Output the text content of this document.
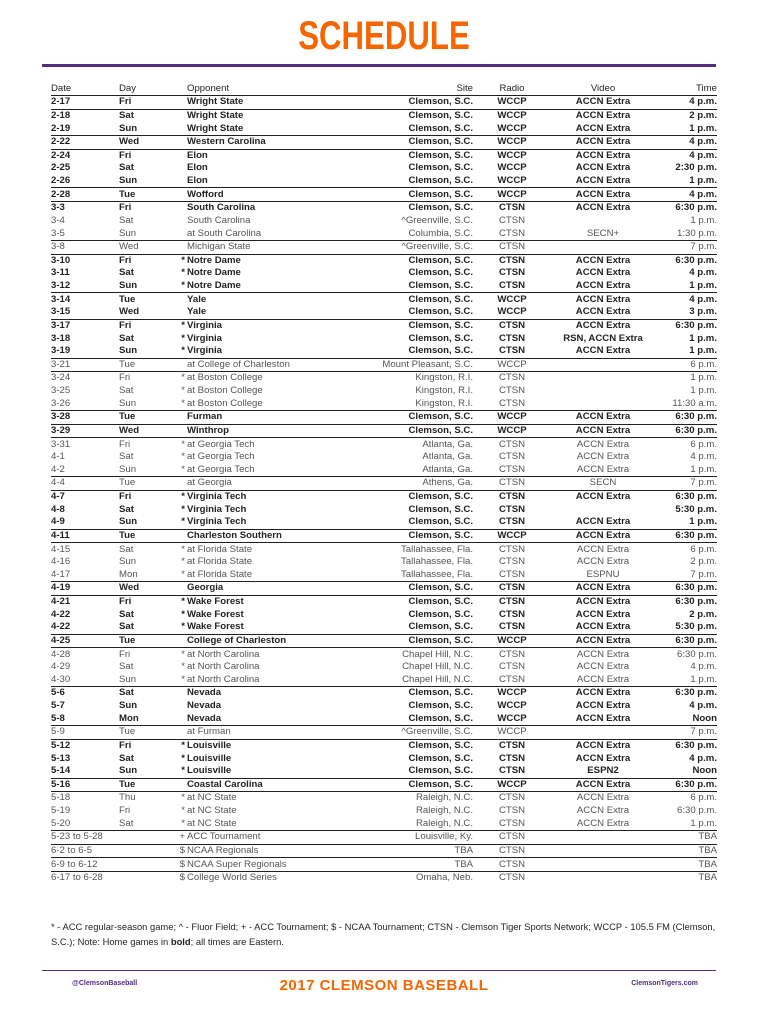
SCHEDULE
Date	Day		Opponent	Site	Radio	Video	Time
2-17	Fri		Wright State	Clemson, S.C.	WCCP	ACCN Extra	4 p.m.
2-18	Sat		Wright State	Clemson, S.C.	WCCP	ACCN Extra	2 p.m.
2-19	Sun		Wright State	Clemson, S.C.	WCCP	ACCN Extra	1 p.m.
2-22	Wed		Western Carolina	Clemson, S.C.	WCCP	ACCN Extra	4 p.m.
2-24	Fri		Elon	Clemson, S.C.	WCCP	ACCN Extra	4 p.m.
2-25	Sat		Elon	Clemson, S.C.	WCCP	ACCN Extra	2:30 p.m.
2-26	Sun		Elon	Clemson, S.C.	WCCP	ACCN Extra	1 p.m.
2-28	Tue		Wofford	Clemson, S.C.	WCCP	ACCN Extra	4 p.m.
3-3	Fri		South Carolina	Clemson, S.C.	CTSN	ACCN Extra	6:30 p.m.
3-4	Sat		South Carolina	^Greenville, S.C.	CTSN		1 p.m.
3-5	Sun		at South Carolina	Columbia, S.C.	CTSN	SECN+	1:30 p.m.
3-8	Wed		Michigan State	^Greenville, S.C.	CTSN		7 p.m.
3-10	Fri	*	Notre Dame	Clemson, S.C.	CTSN	ACCN Extra	6:30 p.m.
3-11	Sat	*	Notre Dame	Clemson, S.C.	CTSN	ACCN Extra	4 p.m.
3-12	Sun	*	Notre Dame	Clemson, S.C.	CTSN	ACCN Extra	1 p.m.
3-14	Tue		Yale	Clemson, S.C.	WCCP	ACCN Extra	4 p.m.
3-15	Wed		Yale	Clemson, S.C.	WCCP	ACCN Extra	3 p.m.
3-17	Fri	*	Virginia	Clemson, S.C.	CTSN	ACCN Extra	6:30 p.m.
3-18	Sat	*	Virginia	Clemson, S.C.	CTSN	RSN, ACCN Extra	1 p.m.
3-19	Sun	*	Virginia	Clemson, S.C.	CTSN	ACCN Extra	1 p.m.
3-21	Tue		at College of Charleston	Mount Pleasant, S.C.	WCCP		6 p.m.
3-24	Fri	*	at Boston College	Kingston, R.I.	CTSN		1 p.m.
3-25	Sat	*	at Boston College	Kingston, R.I.	CTSN		1 p.m.
3-26	Sun	*	at Boston College	Kingston, R.I.	CTSN		11:30 a.m.
3-28	Tue		Furman	Clemson, S.C.	WCCP	ACCN Extra	6:30 p.m.
3-29	Wed		Winthrop	Clemson, S.C.	WCCP	ACCN Extra	6:30 p.m.
3-31	Fri	*	at Georgia Tech	Atlanta, Ga.	CTSN	ACCN Extra	6 p.m.
4-1	Sat	*	at Georgia Tech	Atlanta, Ga.	CTSN	ACCN Extra	4 p.m.
4-2	Sun	*	at Georgia Tech	Atlanta, Ga.	CTSN	ACCN Extra	1 p.m.
4-4	Tue		at Georgia	Athens, Ga.	CTSN	SECN	7 p.m.
4-7	Fri	*	Virginia Tech	Clemson, S.C.	CTSN	ACCN Extra	6:30 p.m.
4-8	Sat	*	Virginia Tech	Clemson, S.C.	CTSN		5:30 p.m.
4-9	Sun	*	Virginia Tech	Clemson, S.C.	CTSN	ACCN Extra	1 p.m.
4-11	Tue		Charleston Southern	Clemson, S.C.	WCCP	ACCN Extra	6:30 p.m.
4-15	Sat	*	at Florida State	Tallahassee, Fla.	CTSN	ACCN Extra	6 p.m.
4-16	Sun	*	at Florida State	Tallahassee, Fla.	CTSN	ACCN Extra	2 p.m.
4-17	Mon	*	at Florida State	Tallahassee, Fla.	CTSN	ESPNU	7 p.m.
4-19	Wed		Georgia	Clemson, S.C.	CTSN	ACCN Extra	6:30 p.m.
4-21	Fri	*	Wake Forest	Clemson, S.C.	CTSN	ACCN Extra	6:30 p.m.
4-22	Sat	*	Wake Forest	Clemson, S.C.	CTSN	ACCN Extra	2 p.m.
4-22	Sat	*	Wake Forest	Clemson, S.C.	CTSN	ACCN Extra	5:30 p.m.
4-25	Tue		College of Charleston	Clemson, S.C.	WCCP	ACCN Extra	6:30 p.m.
4-28	Fri	*	at North Carolina	Chapel Hill, N.C.	CTSN	ACCN Extra	6:30 p.m.
4-29	Sat	*	at North Carolina	Chapel Hill, N.C.	CTSN	ACCN Extra	4 p.m.
4-30	Sun	*	at North Carolina	Chapel Hill, N.C.	CTSN	ACCN Extra	1 p.m.
5-6	Sat		Nevada	Clemson, S.C.	WCCP	ACCN Extra	6:30 p.m.
5-7	Sun		Nevada	Clemson, S.C.	WCCP	ACCN Extra	4 p.m.
5-8	Mon		Nevada	Clemson, S.C.	WCCP	ACCN Extra	Noon
5-9	Tue		at Furman	^Greenville, S.C.	WCCP		7 p.m.
5-12	Fri	*	Louisville	Clemson, S.C.	CTSN	ACCN Extra	6:30 p.m.
5-13	Sat	*	Louisville	Clemson, S.C.	CTSN	ACCN Extra	4 p.m.
5-14	Sun	*	Louisville	Clemson, S.C.	CTSN	ESPN2	Noon
5-16	Tue		Coastal Carolina	Clemson, S.C.	WCCP	ACCN Extra	6:30 p.m.
5-18	Thu	*	at NC State	Raleigh, N.C.	CTSN	ACCN Extra	6 p.m.
5-19	Fri	*	at NC State	Raleigh, N.C.	CTSN	ACCN Extra	6:30 p.m.
5-20	Sat	*	at NC State	Raleigh, N.C.	CTSN	ACCN Extra	1 p.m.
5-23 to 5-28		+	ACC Tournament	Louisville, Ky.	CTSN		TBA
6-2 to 6-5		$	NCAA Regionals	TBA	CTSN		TBA
6-9 to 6-12		$	NCAA Super Regionals	TBA	CTSN		TBA
6-17 to 6-28		$	College World Series	Omaha, Neb.	CTSN		TBA
* - ACC regular-season game; ^ - Fluor Field; + - ACC Tournament; $ - NCAA Tournament; CTSN - Clemson Tiger Sports Network; WCCP - 105.5 FM (Clemson, S.C.); Note: Home games in bold; all times are Eastern.
@ClemsonBaseball	2017 CLEMSON BASEBALL	ClemsonTigers.com
